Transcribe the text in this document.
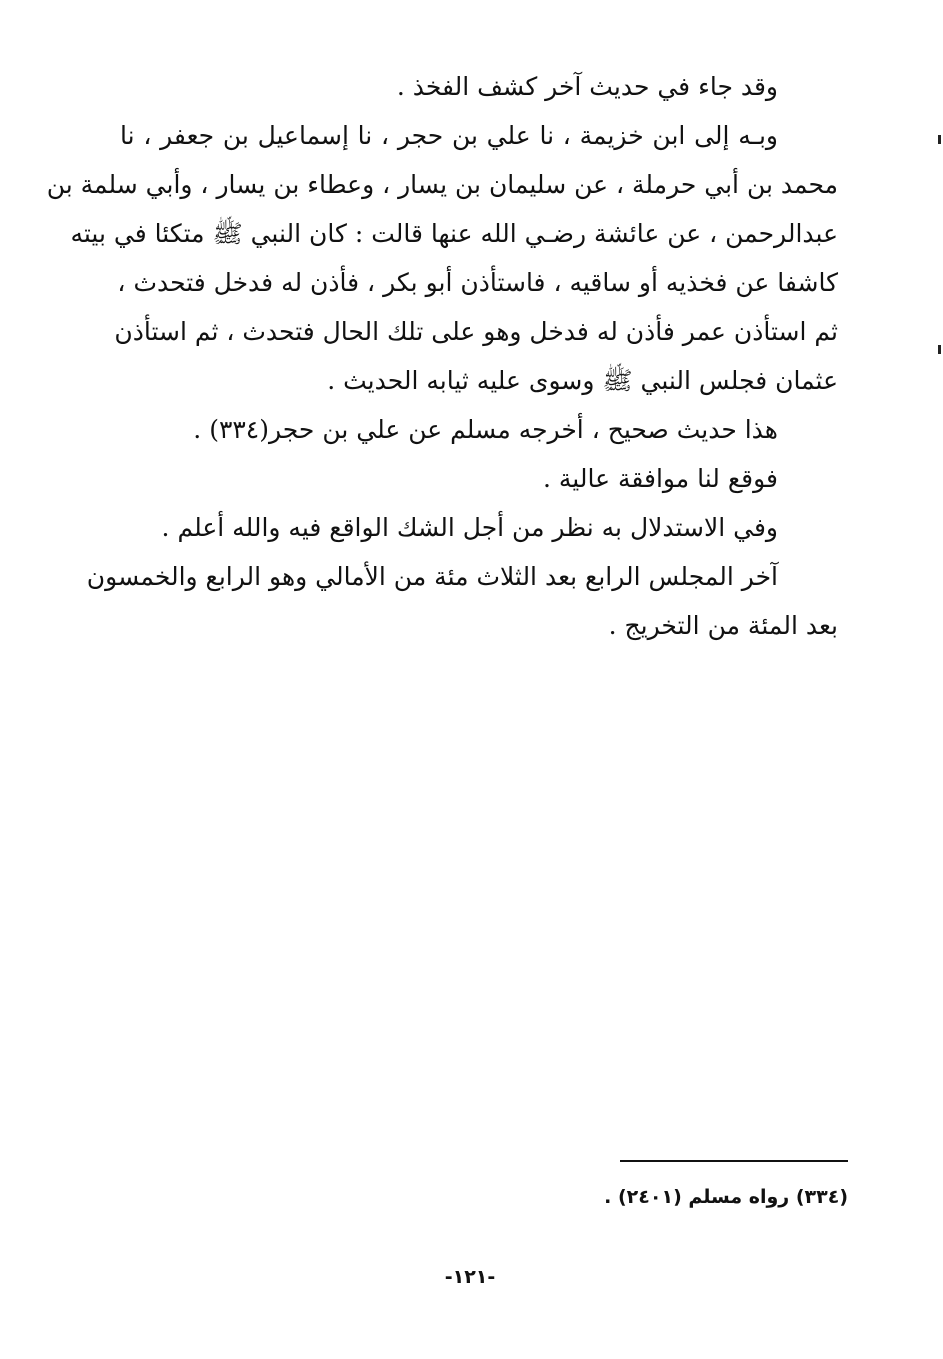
وقد جاء في حديث آخر كشف الفخذ .
وبـه إلى ابن خزيمة ، نا علي بن حجر ، نا إسماعيل بن جعفر ، نا
محمد بن أبي حرملة ، عن سليمان بن يسار ، وعطاء بن يسار ، وأبي سلمة بن
عبدالرحمن ، عن عائشة رضـي الله عنها قالت : كان النبي ﷺ متكئا في بيته
كاشفا عن فخذيه أو ساقيه ، فاستأذن أبو بكر ، فأذن له فدخل فتحدث ،
ثم استأذن عمر فأذن له فدخل وهو على تلك الحال فتحدث ، ثم استأذن
عثمان فجلس النبي ﷺ وسوى عليه ثيابه الحديث .
هذا حديث صحيح ، أخرجه مسلم عن علي بن حجر(٣٣٤) .
فوقع لنا موافقة عالية .
وفي الاستدلال به نظر من أجل الشك الواقع فيه والله أعلم .
آخر المجلس الرابع بعد الثلاث مئة من الأمالي وهو الرابع والخمسون
بعد المئة من التخريج .
(٣٣٤) رواه مسلم (٢٤٠١) .
-١٢١-
